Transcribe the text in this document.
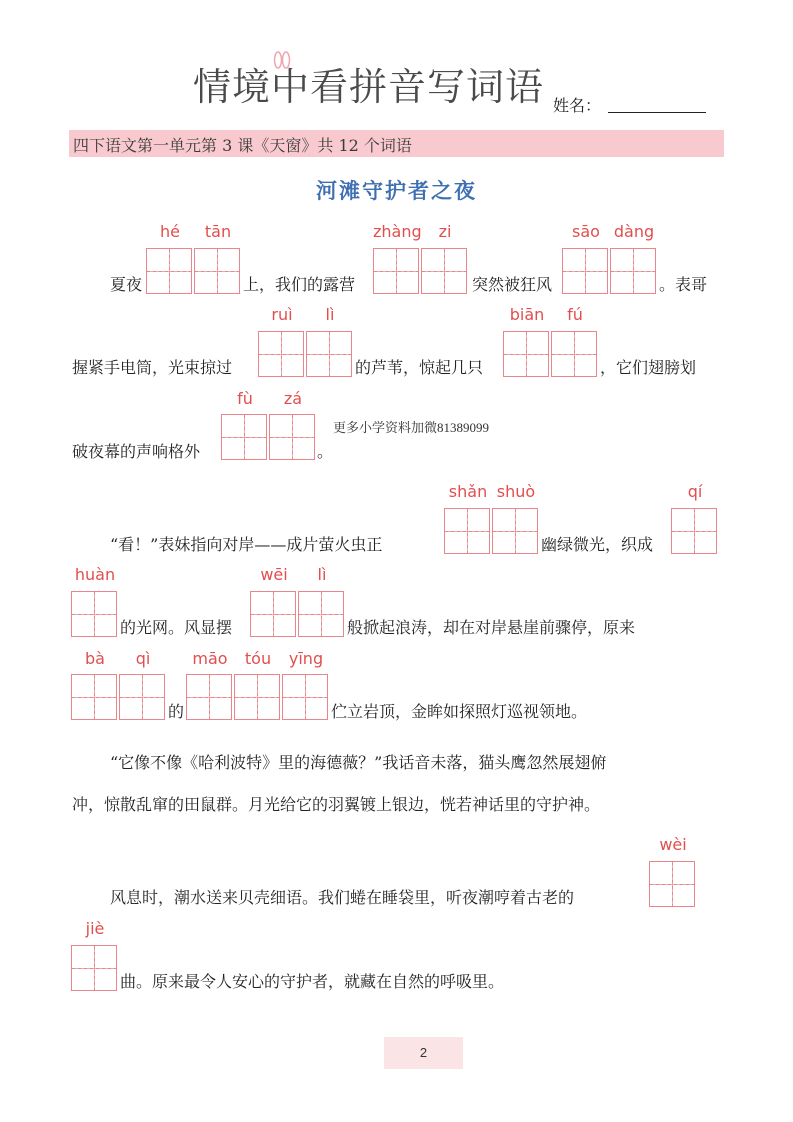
情境中看拼音写词语 姓名：
四下语文第一单元第 3 课《天窗》共 12 个词语
河滩守护者之夜
hé	tān	zhàng	zi	sāo dàng
夏夜	上，我们的露营	突然被狂风	。表哥
ruì	lì	biān	fú
握紧手电筒，光束掠过	的芦苇，惊起几只	，它们翅膀划
fù	zá
破夜幕的声响格外	。
更多小学资料加微81389099
shǎn shuò	qí
“看！”表妹指向对岸——成片萤火虫正	幽绿微光，织成
huàn	wēi	lì
的光网。风显摆	般掀起浪涛，却在对岸悬崖前骤停，原来
bà	qì	māo	tóu	yīng
的	伫立岩顶，金眸如探照灯巡视领地。
“它像不像《哈利波特》里的海德薇？”我话音未落，猫头鹰忽然展翅俯
冲，惊散乱窜的田鼠群。月光给它的羽翼镀上银边，恍若神话里的守护神。
wèi
风息时，潮水送来贝壳细语。我们蜷在睡袋里，听夜潮哼着古老的
jiè
曲。原来最令人安心的守护者，就藏在自然的呼吸里。
2
